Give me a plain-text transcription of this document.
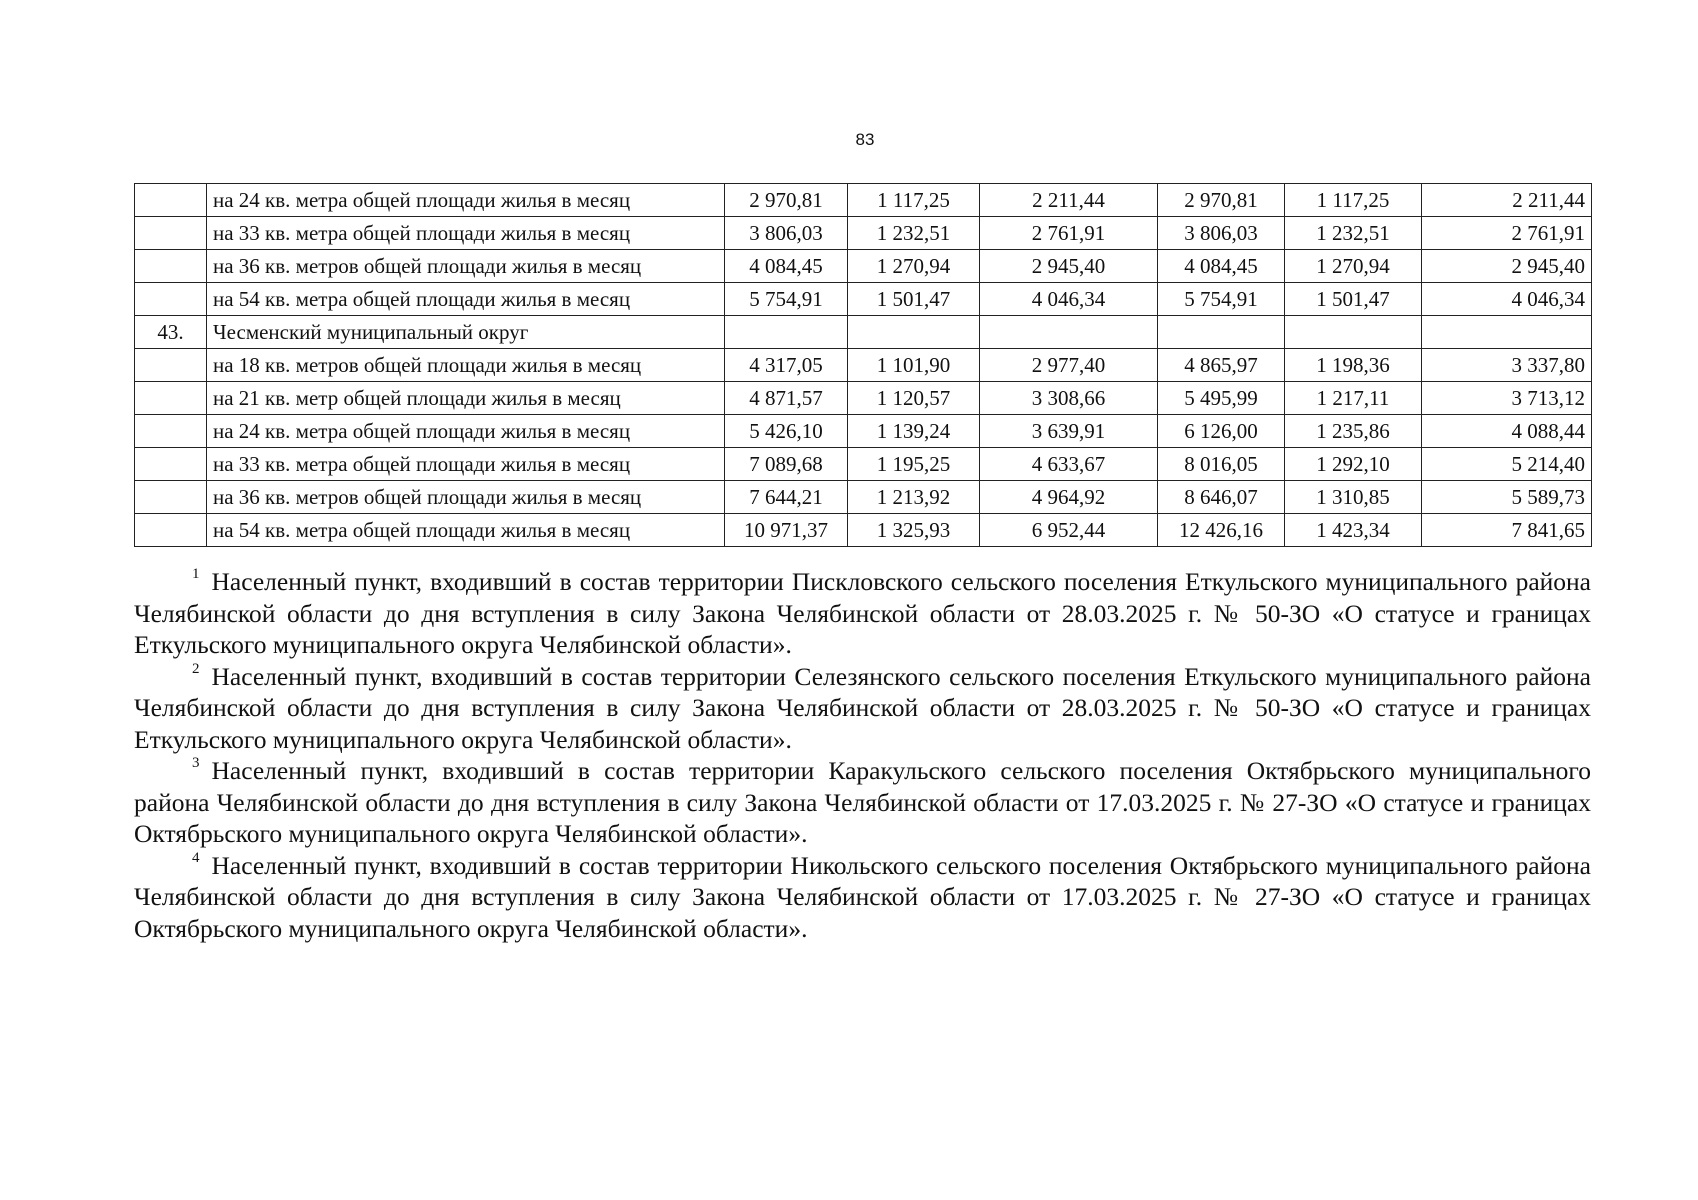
83
	на 24 кв. метра общей площади жилья в месяц	2 970,81	1 117,25	2 211,44	2 970,81	1 117,25	2 211,44
	на 33 кв. метра общей площади жилья в месяц	3 806,03	1 232,51	2 761,91	3 806,03	1 232,51	2 761,91
	на 36 кв. метров общей площади жилья в месяц	4 084,45	1 270,94	2 945,40	4 084,45	1 270,94	2 945,40
	на 54 кв. метра общей площади жилья в месяц	5 754,91	1 501,47	4 046,34	5 754,91	1 501,47	4 046,34
43.	Чесменский муниципальный округ						
	на 18 кв. метров общей площади жилья в месяц	4 317,05	1 101,90	2 977,40	4 865,97	1 198,36	3 337,80
	на 21 кв. метр общей площади жилья в месяц	4 871,57	1 120,57	3 308,66	5 495,99	1 217,11	3 713,12
	на 24 кв. метра общей площади жилья в месяц	5 426,10	1 139,24	3 639,91	6 126,00	1 235,86	4 088,44
	на 33 кв. метра общей площади жилья в месяц	7 089,68	1 195,25	4 633,67	8 016,05	1 292,10	5 214,40
	на 36 кв. метров общей площади жилья в месяц	7 644,21	1 213,92	4 964,92	8 646,07	1 310,85	5 589,73
	на 54 кв. метра общей площади жилья в месяц	10 971,37	1 325,93	6 952,44	12 426,16	1 423,34	7 841,65

$^1$ Населенный пункт, входивший в состав территории Пискловского сельского поселения Еткульского муниципального района Челябинской области до дня вступления в силу Закона Челябинской области от 28.03.2025 г. № 50-ЗО «О статусе и границах Еткульского муниципального округа Челябинской области».

$^2$ Населенный пункт, входивший в состав территории Селезянского сельского поселения Еткульского муниципального района Челябинской области до дня вступления в силу Закона Челябинской области от 28.03.2025 г. № 50-ЗО «О статусе и границах Еткульского муниципального округа Челябинской области».

$^3$ Населенный пункт, входивший в состав территории Каракульского сельского поселения Октябрьского муниципального района Челябинской области до дня вступления в силу Закона Челябинской области от 17.03.2025 г. № 27-ЗО «О статусе и границах Октябрьского муниципального округа Челябинской области».

$^4$ Населенный пункт, входивший в состав территории Никольского сельского поселения Октябрьского муниципального района Челябинской области до дня вступления в силу Закона Челябинской области от 17.03.2025 г. № 27-ЗО «О статусе и границах Октябрьского муниципального округа Челябинской области».
